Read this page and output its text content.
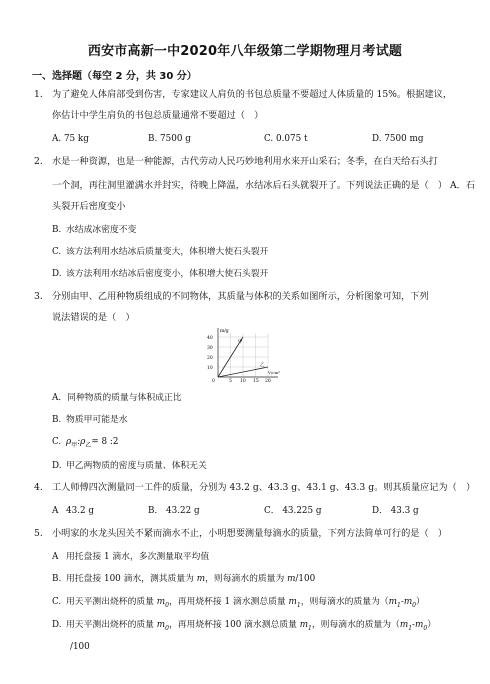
西安市高新一中2020年八年级第二学期物理月考试题
一、选择题（每空 2 分，共 30 分）
1. 为了避免人体肩部受到伤害，专家建议人肩负的书包总质量不要超过人体质量的 15%。根据建议，
你估计中学生肩负的书包总质量通常不要超过（　）
A. 75 kg	B. 7500 g	C. 0.075 t	D. 7500 mg
2. 水是一种资源，也是一种能源，古代劳动人民巧妙地利用水来开山采石；冬季，在白天给石头打
一个洞，再往洞里灌满水并封实，待晚上降温，水结冰后石头就裂开了。下列说法正确的是（　） A．石
头裂开后密度变小
B. 水结成冰密度不变
C. 该方法利用水结冰后质量变大，体积增大使石头裂开
D. 该方法利用水结冰后密度变小，体积增大使石头裂开
3. 分别由甲、乙用种物质组成的不同物体，其质量与体积的关系如图所示，分析图象可知，下列
说法错误的是（　）
m/g
V/cm³
40
30
20
10
0	5 10 15 20
甲
乙
A．同种物质的质量与体积成正比
B. 物质甲可能是水
C. $\rho_甲:\rho_乙= 8$ :2
D. 甲乙两物质的密度与质量、体积无关
4. 工人师傅四次测量同一工件的质量，分别为 43.2 g、43.3 g、43.1 g、43.3 g。则其质量应记为（　）
A 43.2 g	B． 43.22 g	C． 43.225 g	D． 43.3 g
5. 小明家的水龙头因关不紧而滴水不止，小明想要测量每滴水的质量，下列方法简单可行的是（　）
A 用托盘接 1 滴水，多次测量取平均值
B. 用托盘接 100 滴水，测其质量为 m，则每滴水的质量为 m/100
C. 用天平测出烧杯的质量 $m_0$，再用烧杯接 1 滴水测总质量 $m_1$，则每滴水的质量为$(m_1-m_0)$
D. 用天平测出烧杯的质量 $m_0$，再用烧杯接 100 滴水测总质量 $m_1$，则每滴水的质量为$(m_1-m_0)$
/100
